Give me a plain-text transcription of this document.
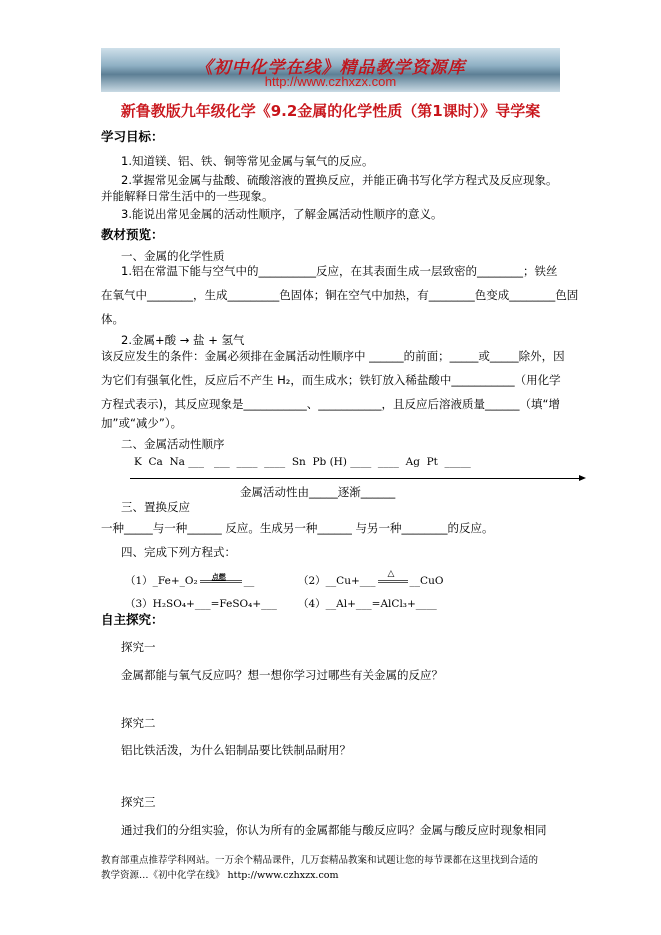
《初中化学在线》精品教学资源库
http://www.czhxzx.com
新鲁教版九年级化学《9.2金属的化学性质（第1课时）》导学案
学习目标：
1.知道镁、铝、铁、铜等常见金属与氧气的反应。
2.掌握常见金属与盐酸、硫酸溶液的置换反应，并能正确书写化学方程式及反应现象。
并能解释日常生活中的一些现象。
3.能说出常见金属的活动性顺序，了解金属活动性顺序的意义。
教材预览：
一、金属的化学性质
1.铝在常温下能与空气中的__________反应，在其表面生成一层致密的________；铁丝
在氧气中________，生成_________色固体；铜在空气中加热，有________色变成________色固
体。
2.金属+酸 → 盐 + 氢气
该反应发生的条件：金属必须排在金属活动性顺序中 ______的前面；_____或_____除外，因
为它们有强氧化性，反应后不产生 H₂，而生成水；铁钉放入稀盐酸中___________（用化学
方程式表示)，其反应现象是___________、___________，且反应后溶液质量______（填“增
加”或“减少”）。
二、金属活动性顺序
K  Ca  Na ___   ___  ____  ____  Sn  Pb (H) ____  ____  Ag  Pt  _____
金属活动性由_____逐渐______
三、置换反应
一种_____与一种______ 反应。生成另一种______ 与另一种________的反应。
四、完成下列方程式：
（1）_Fe+_O₂ 点燃 __	（2）__Cu+___
△
__CuO
（3）H₂SO₄+___=FeSO₄+___ （4）__Al+___=AlCl₃+____
自主探究：
探究一
金属都能与氧气反应吗？想一想你学习过哪些有关金属的反应？
探究二
铝比铁活泼，为什么铝制品要比铁制品耐用？
探究三
通过我们的分组实验，你认为所有的金属都能与酸反应吗？金属与酸反应时现象相同
教育部重点推荐学科网站。一万余个精品课件，几万套精品教案和试题让您的每节课都在这里找到合适的
教学资源…《初中化学在线》 http://www.czhxzx.com
